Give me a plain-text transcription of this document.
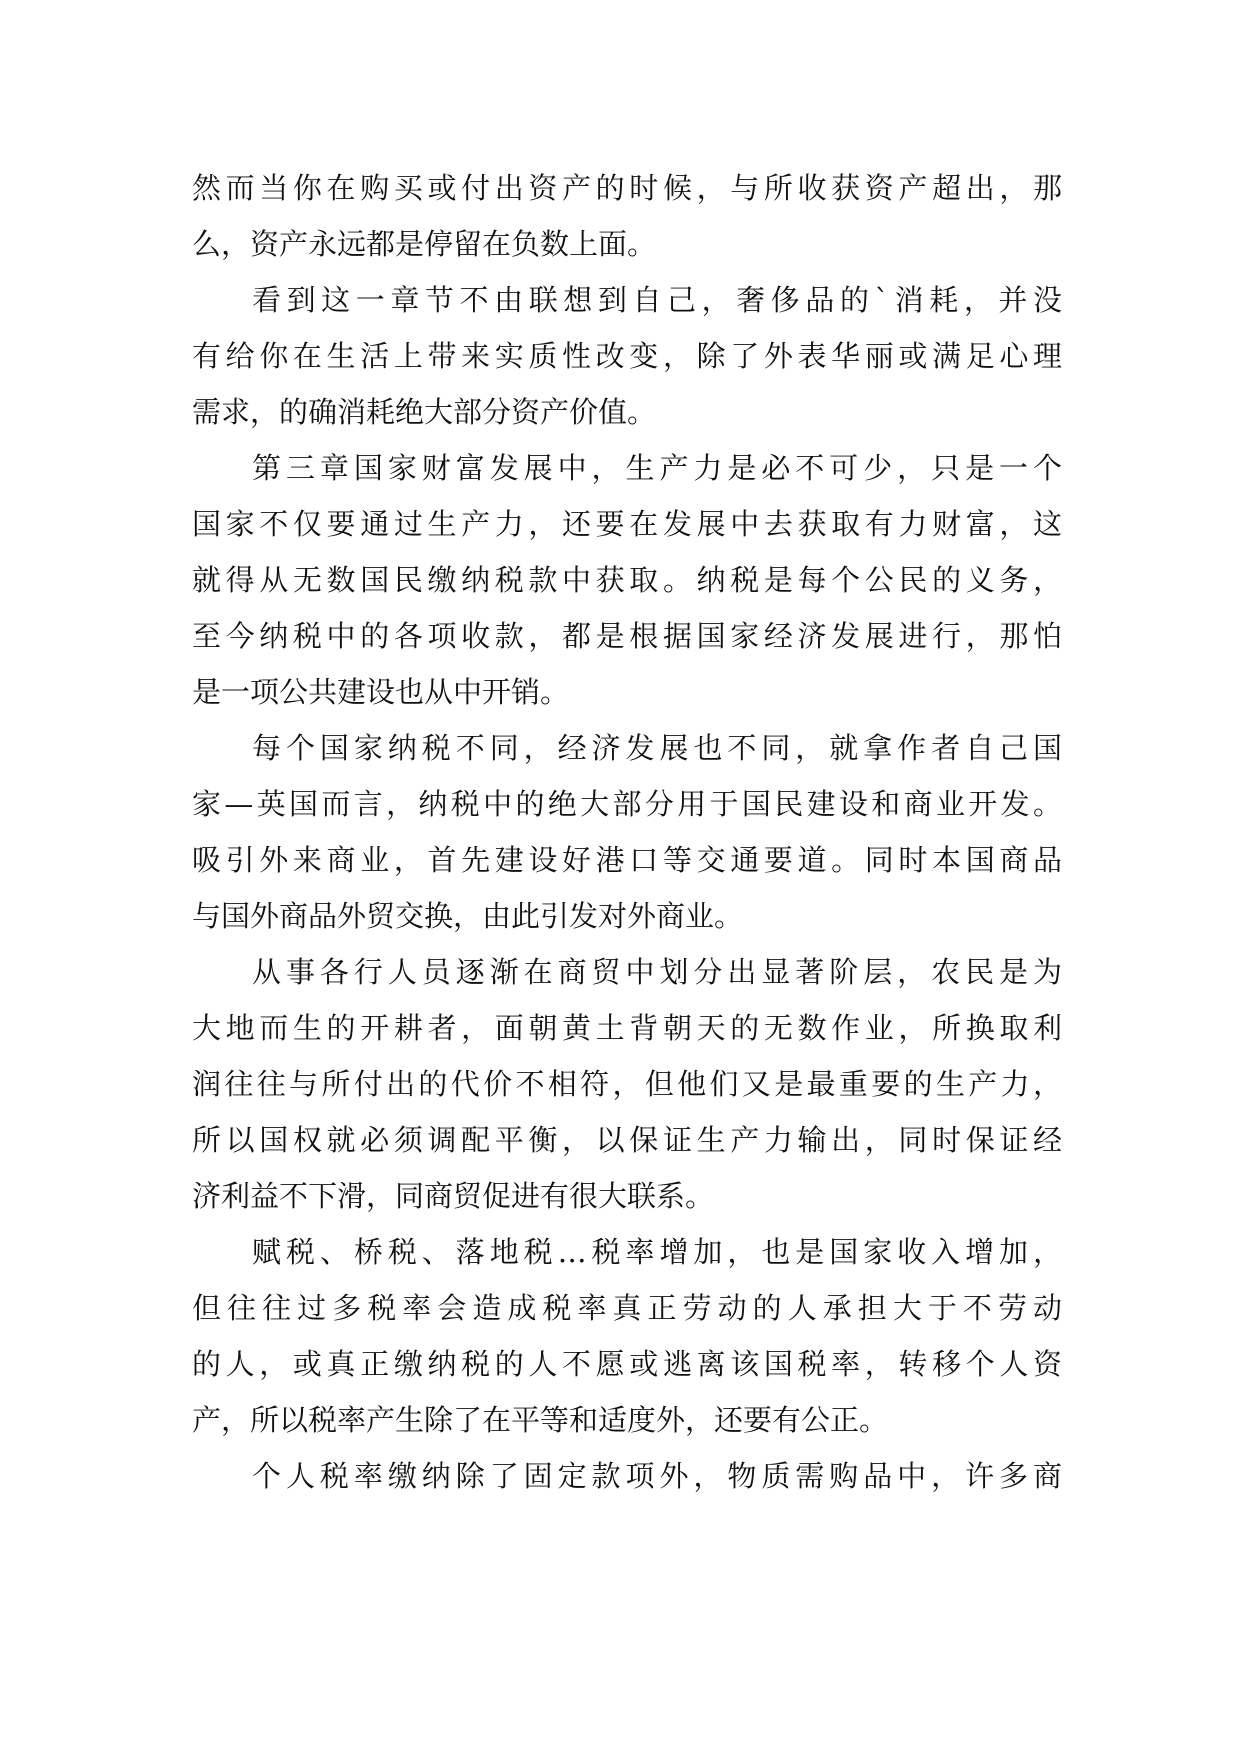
然而当你在购买或付出资产的时候，与所收获资产超出，那
么，资产永远都是停留在负数上面。
看到这一章节不由联想到自己，奢侈品的`消耗，并没
有给你在生活上带来实质性改变，除了外表华丽或满足心理
需求，的确消耗绝大部分资产价值。
第三章国家财富发展中，生产力是必不可少，只是一个
国家不仅要通过生产力，还要在发展中去获取有力财富，这
就得从无数国民缴纳税款中获取。纳税是每个公民的义务，
至今纳税中的各项收款，都是根据国家经济发展进行，那怕
是一项公共建设也从中开销。
每个国家纳税不同，经济发展也不同，就拿作者自己国
家—英国而言，纳税中的绝大部分用于国民建设和商业开发。
吸引外来商业，首先建设好港口等交通要道。同时本国商品
与国外商品外贸交换，由此引发对外商业。
从事各行人员逐渐在商贸中划分出显著阶层，农民是为
大地而生的开耕者，面朝黄土背朝天的无数作业，所换取利
润往往与所付出的代价不相符，但他们又是最重要的生产力，
所以国权就必须调配平衡，以保证生产力输出，同时保证经
济利益不下滑，同商贸促进有很大联系。
赋税、桥税、落地税…税率增加，也是国家收入增加，
但往往过多税率会造成税率真正劳动的人承担大于不劳动
的人，或真正缴纳税的人不愿或逃离该国税率，转移个人资
产，所以税率产生除了在平等和适度外，还要有公正。
个人税率缴纳除了固定款项外，物质需购品中，许多商
